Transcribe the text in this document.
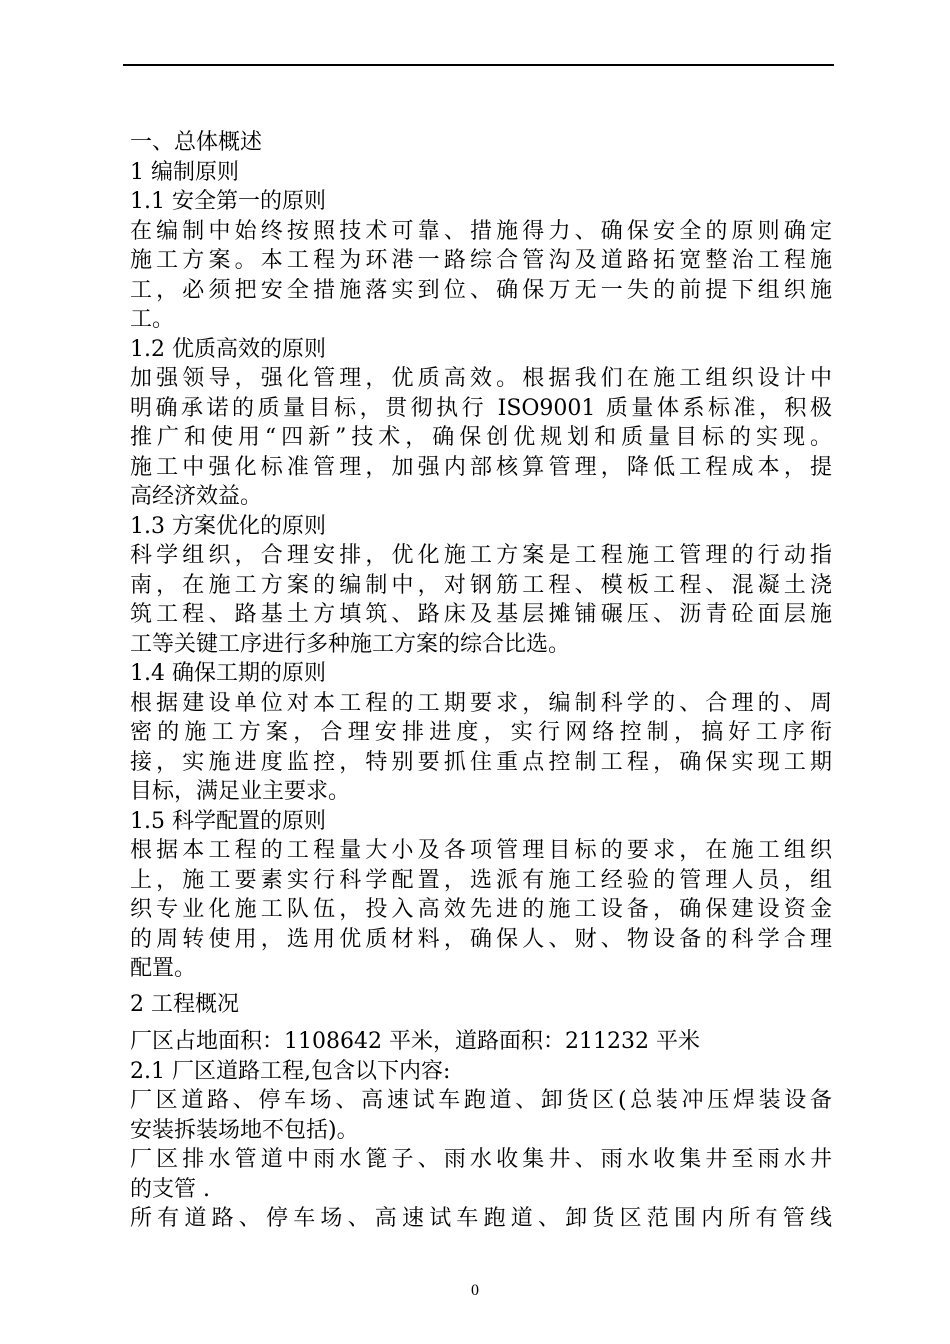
一、总体概述
1 编制原则
1.1 安全第一的原则
在编制中始终按照技术可靠、措施得力、确保安全的原则确定
施工方案。本工程为环港一路综合管沟及道路拓宽整治工程施
工，必须把安全措施落实到位、确保万无一失的前提下组织施
工。
1.2 优质高效的原则
加强领导，强化管理，优质高效。根据我们在施工组织设计中
明确承诺的质量目标，贯彻执行 ISO9001 质量体系标准，积极
推广和使用“四新”技术，确保创优规划和质量目标的实现。
施工中强化标准管理，加强内部核算管理，降低工程成本，提
高经济效益。
1.3 方案优化的原则
科学组织，合理安排，优化施工方案是工程施工管理的行动指
南，在施工方案的编制中，对钢筋工程、模板工程、混凝土浇
筑工程、路基土方填筑、路床及基层摊铺碾压、沥青砼面层施
工等关键工序进行多种施工方案的综合比选。
1.4 确保工期的原则
根据建设单位对本工程的工期要求，编制科学的、合理的、周
密的施工方案，合理安排进度，实行网络控制，搞好工序衔
接，实施进度监控，特别要抓住重点控制工程，确保实现工期
目标，满足业主要求。
1.5 科学配置的原则
根据本工程的工程量大小及各项管理目标的要求，在施工组织
上，施工要素实行科学配置，选派有施工经验的管理人员，组
织专业化施工队伍，投入高效先进的施工设备，确保建设资金
的周转使用，选用优质材料，确保人、财、物设备的科学合理
配置。
2 工程概况
厂区占地面积：1108642 平米，道路面积：211232 平米
2.1 厂区道路工程,包含以下内容:
厂区道路、停车场、高速试车跑道、卸货区(总装冲压焊装设备
安装拆装场地不包括)。
厂区排水管道中雨水篦子、雨水收集井、雨水收集井至雨水井
的支管 .
所有道路、停车场、高速试车跑道、卸货区范围内所有管线
0
